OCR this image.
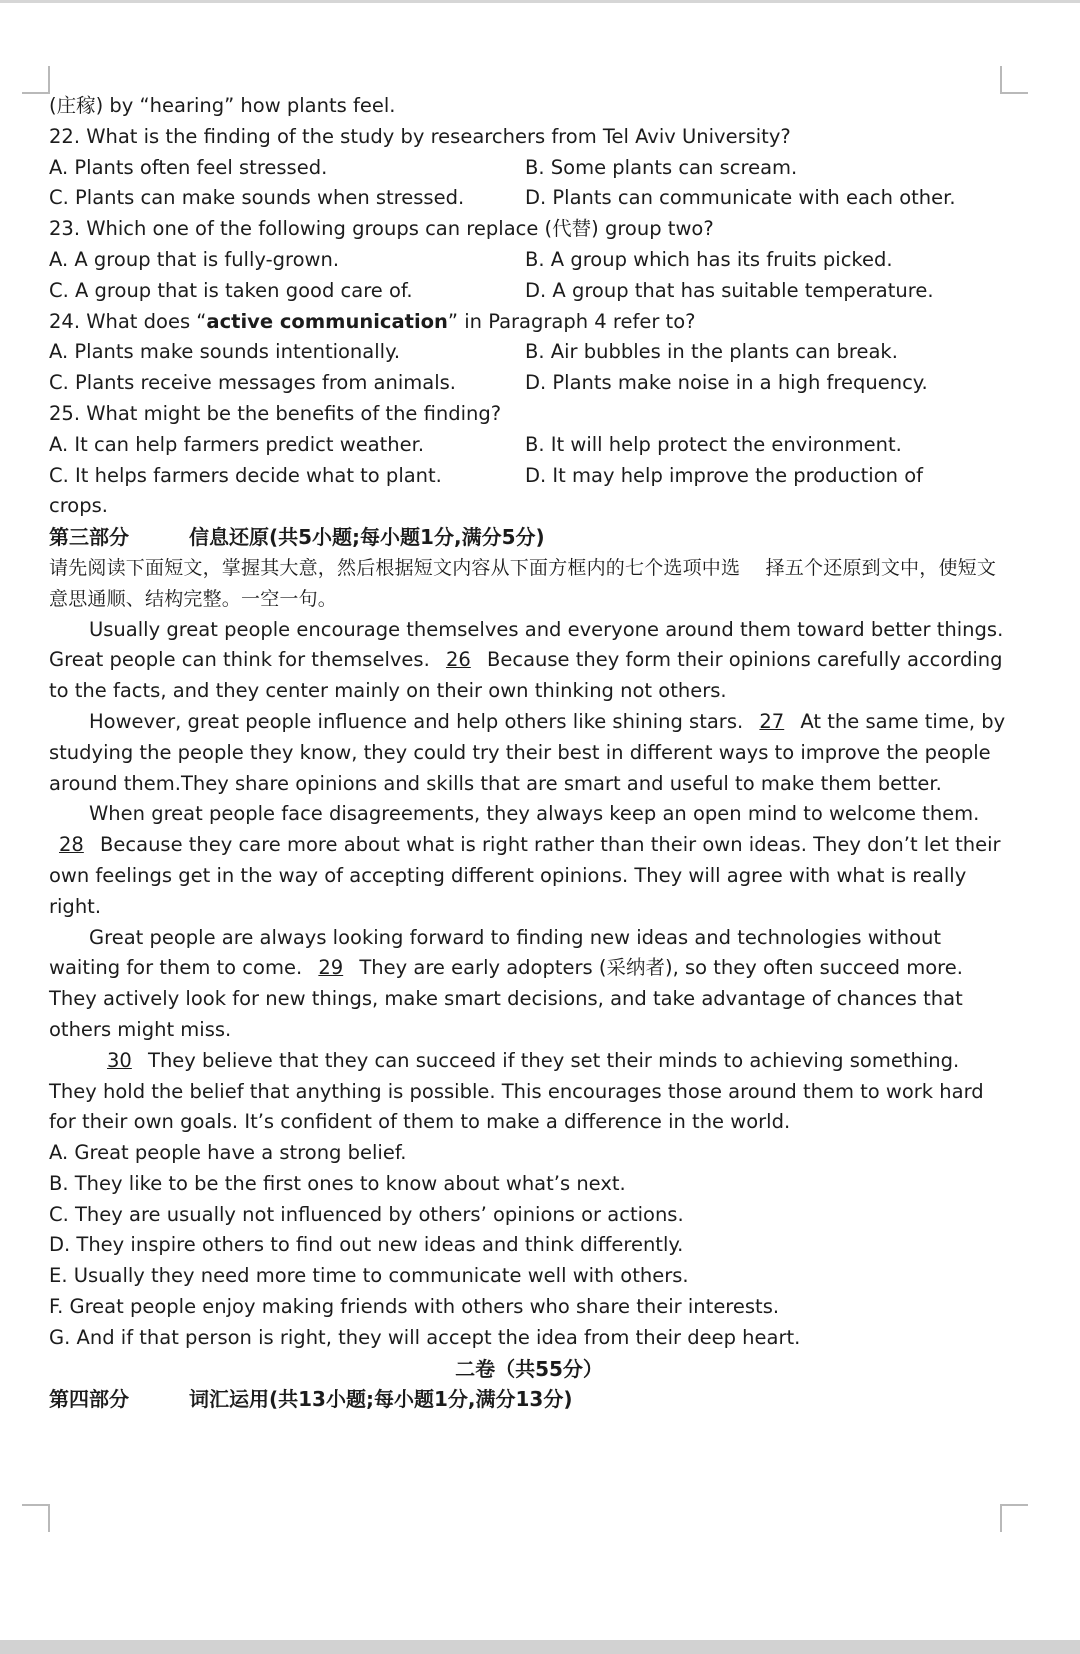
(庄稼) by “hearing” how plants feel.
22. What is the finding of the study by researchers from Tel Aviv University?
A. Plants often feel stressed.	B. Some plants can scream.
C. Plants can make sounds when stressed.	D. Plants can communicate with each other.
23. Which one of the following groups can replace (代替) group two?
A. A group that is fully-grown.	B. A group which has its fruits picked.
C. A group that is taken good care of.	D. A group that has suitable temperature.
24. What does “active communication” in Paragraph 4 refer to?
A. Plants make sounds intentionally.	B. Air bubbles in the plants can break.
C. Plants receive messages from animals.	D. Plants make noise in a high frequency.
25. What might be the benefits of the finding?
A. It can help farmers predict weather.	B. It will help protect the environment.
C. It helps farmers decide what to plant.	D. It may help improve the production of
crops.
第三部分	信息还原(共5小题;每小题1分,满分5分)

请先阅读下面短文，掌握其大意，然后根据短文内容从下面方框内的七个选项中选　 择五个还原到文中，使短文意思通顺、结构完整。一空一句。

Usually great people encourage themselves and everyone around them toward better things. Great people can think for themselves. 26 Because they form their opinions carefully according to the facts, and they center mainly on their own thinking not others.

However, great people influence and help others like shining stars. 27 At the same time, by studying the people they know, they could try their best in different ways to improve the people around them.They share opinions and skills that are smart and useful to make them better.

When great people face disagreements, they always keep an open mind to welcome them. 28 Because they care more about what is right rather than their own ideas. They don’t let their own feelings get in the way of accepting different opinions. They will agree with what is really right.

Great people are always looking forward to finding new ideas and technologies without waiting for them to come. 29 They are early adopters (采纳者), so they often succeed more. They actively look for new things, make smart decisions, and take advantage of chances that others might miss.

30 They believe that they can succeed if they set their minds to achieving something. They hold the belief that anything is possible. This encourages those around them to work hard for their own goals. It’s confident of them to make a difference in the world.

A. Great people have a strong belief.
B. They like to be the first ones to know about what’s next.
C. They are usually not influenced by others’ opinions or actions.
D. They inspire others to find out new ideas and think differently.
E. Usually they need more time to communicate well with others.
F. Great people enjoy making friends with others who share their interests.
G. And if that person is right, they will accept the idea from their deep heart.
二卷（共55分）
第四部分	词汇运用(共13小题;每小题1分,满分13分)
